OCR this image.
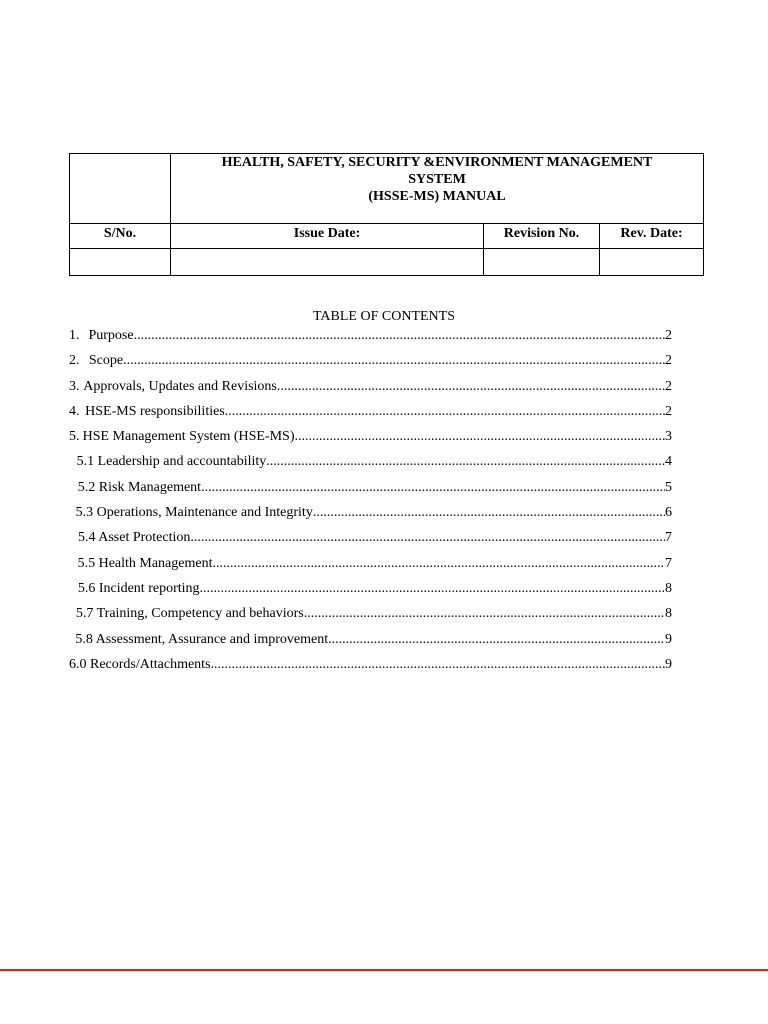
	HEALTH, SAFETY, SECURITY &ENVIRONMENT MANAGEMENT
SYSTEM
(HSSE-MS) MANUAL		

S/No.	Issue Date:	Revision No.	Rev. Date:

TABLE OF CONTENTS
1. Purpose .....	2
2. Scope .....	2
3. Approvals, Updates and Revisions .....	2
4. HSE-MS responsibilities .....	2
5. HSE Management System (HSE-MS) .....	3
5.1 Leadership and accountability .....	4
5.2 Risk Management .....	5
5.3 Operations, Maintenance and Integrity .....	6
5.4 Asset Protection .....	7
5.5 Health Management .....	7
5.6 Incident reporting .....	8
5.7 Training, Competency and behaviors .....	8
5.8 Assessment, Assurance and improvement .....	9
6.0 Records/Attachments .....	9
